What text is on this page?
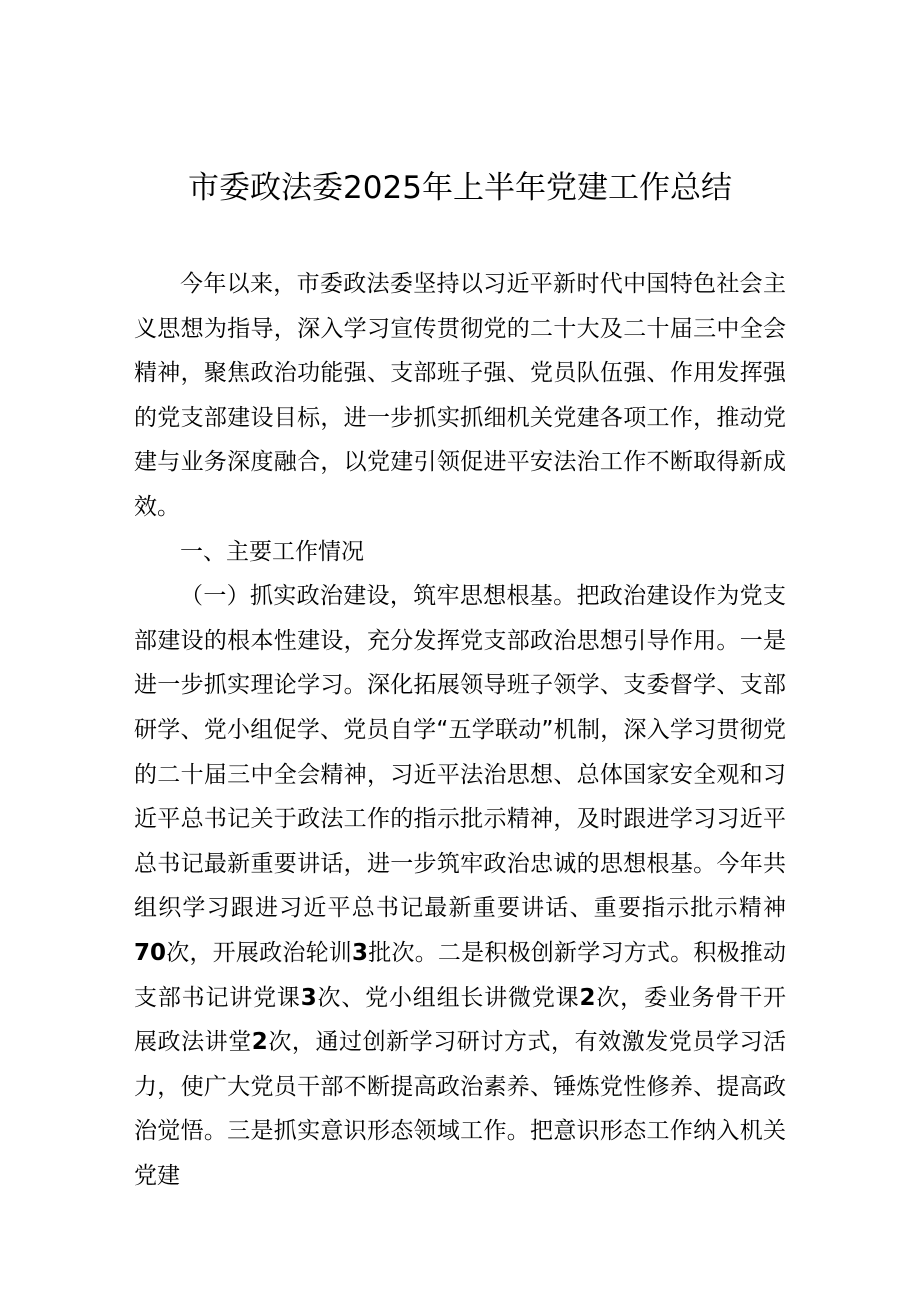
市委政法委2025年上半年党建工作总结

今年以来，市委政法委坚持以习近平新时代中国特色社会主义思想为指导，深入学习宣传贯彻党的二十大及二十届三中全会精神，聚焦政治功能强、支部班子强、党员队伍强、作用发挥强的党支部建设目标，进一步抓实抓细机关党建各项工作，推动党建与业务深度融合，以党建引领促进平安法治工作不断取得新成效。

一、主要工作情况

（一）抓实政治建设，筑牢思想根基。把政治建设作为党支部建设的根本性建设，充分发挥党支部政治思想引导作用。一是进一步抓实理论学习。深化拓展领导班子领学、支委督学、支部研学、党小组促学、党员自学“五学联动”机制，深入学习贯彻党的二十届三中全会精神，习近平法治思想、总体国家安全观和习近平总书记关于政法工作的指示批示精神，及时跟进学习习近平总书记最新重要讲话，进一步筑牢政治忠诚的思想根基。今年共组织学习跟进习近平总书记最新重要讲话、重要指示批示精神70次，开展政治轮训3批次。二是积极创新学习方式。积极推动支部书记讲党课3次、党小组组长讲微党课2次，委业务骨干开展政法讲堂2次，通过创新学习研讨方式，有效激发党员学习活力，使广大党员干部不断提高政治素养、锤炼党性修养、提高政治觉悟。三是抓实意识形态领域工作。把意识形态工作纳入机关党建
